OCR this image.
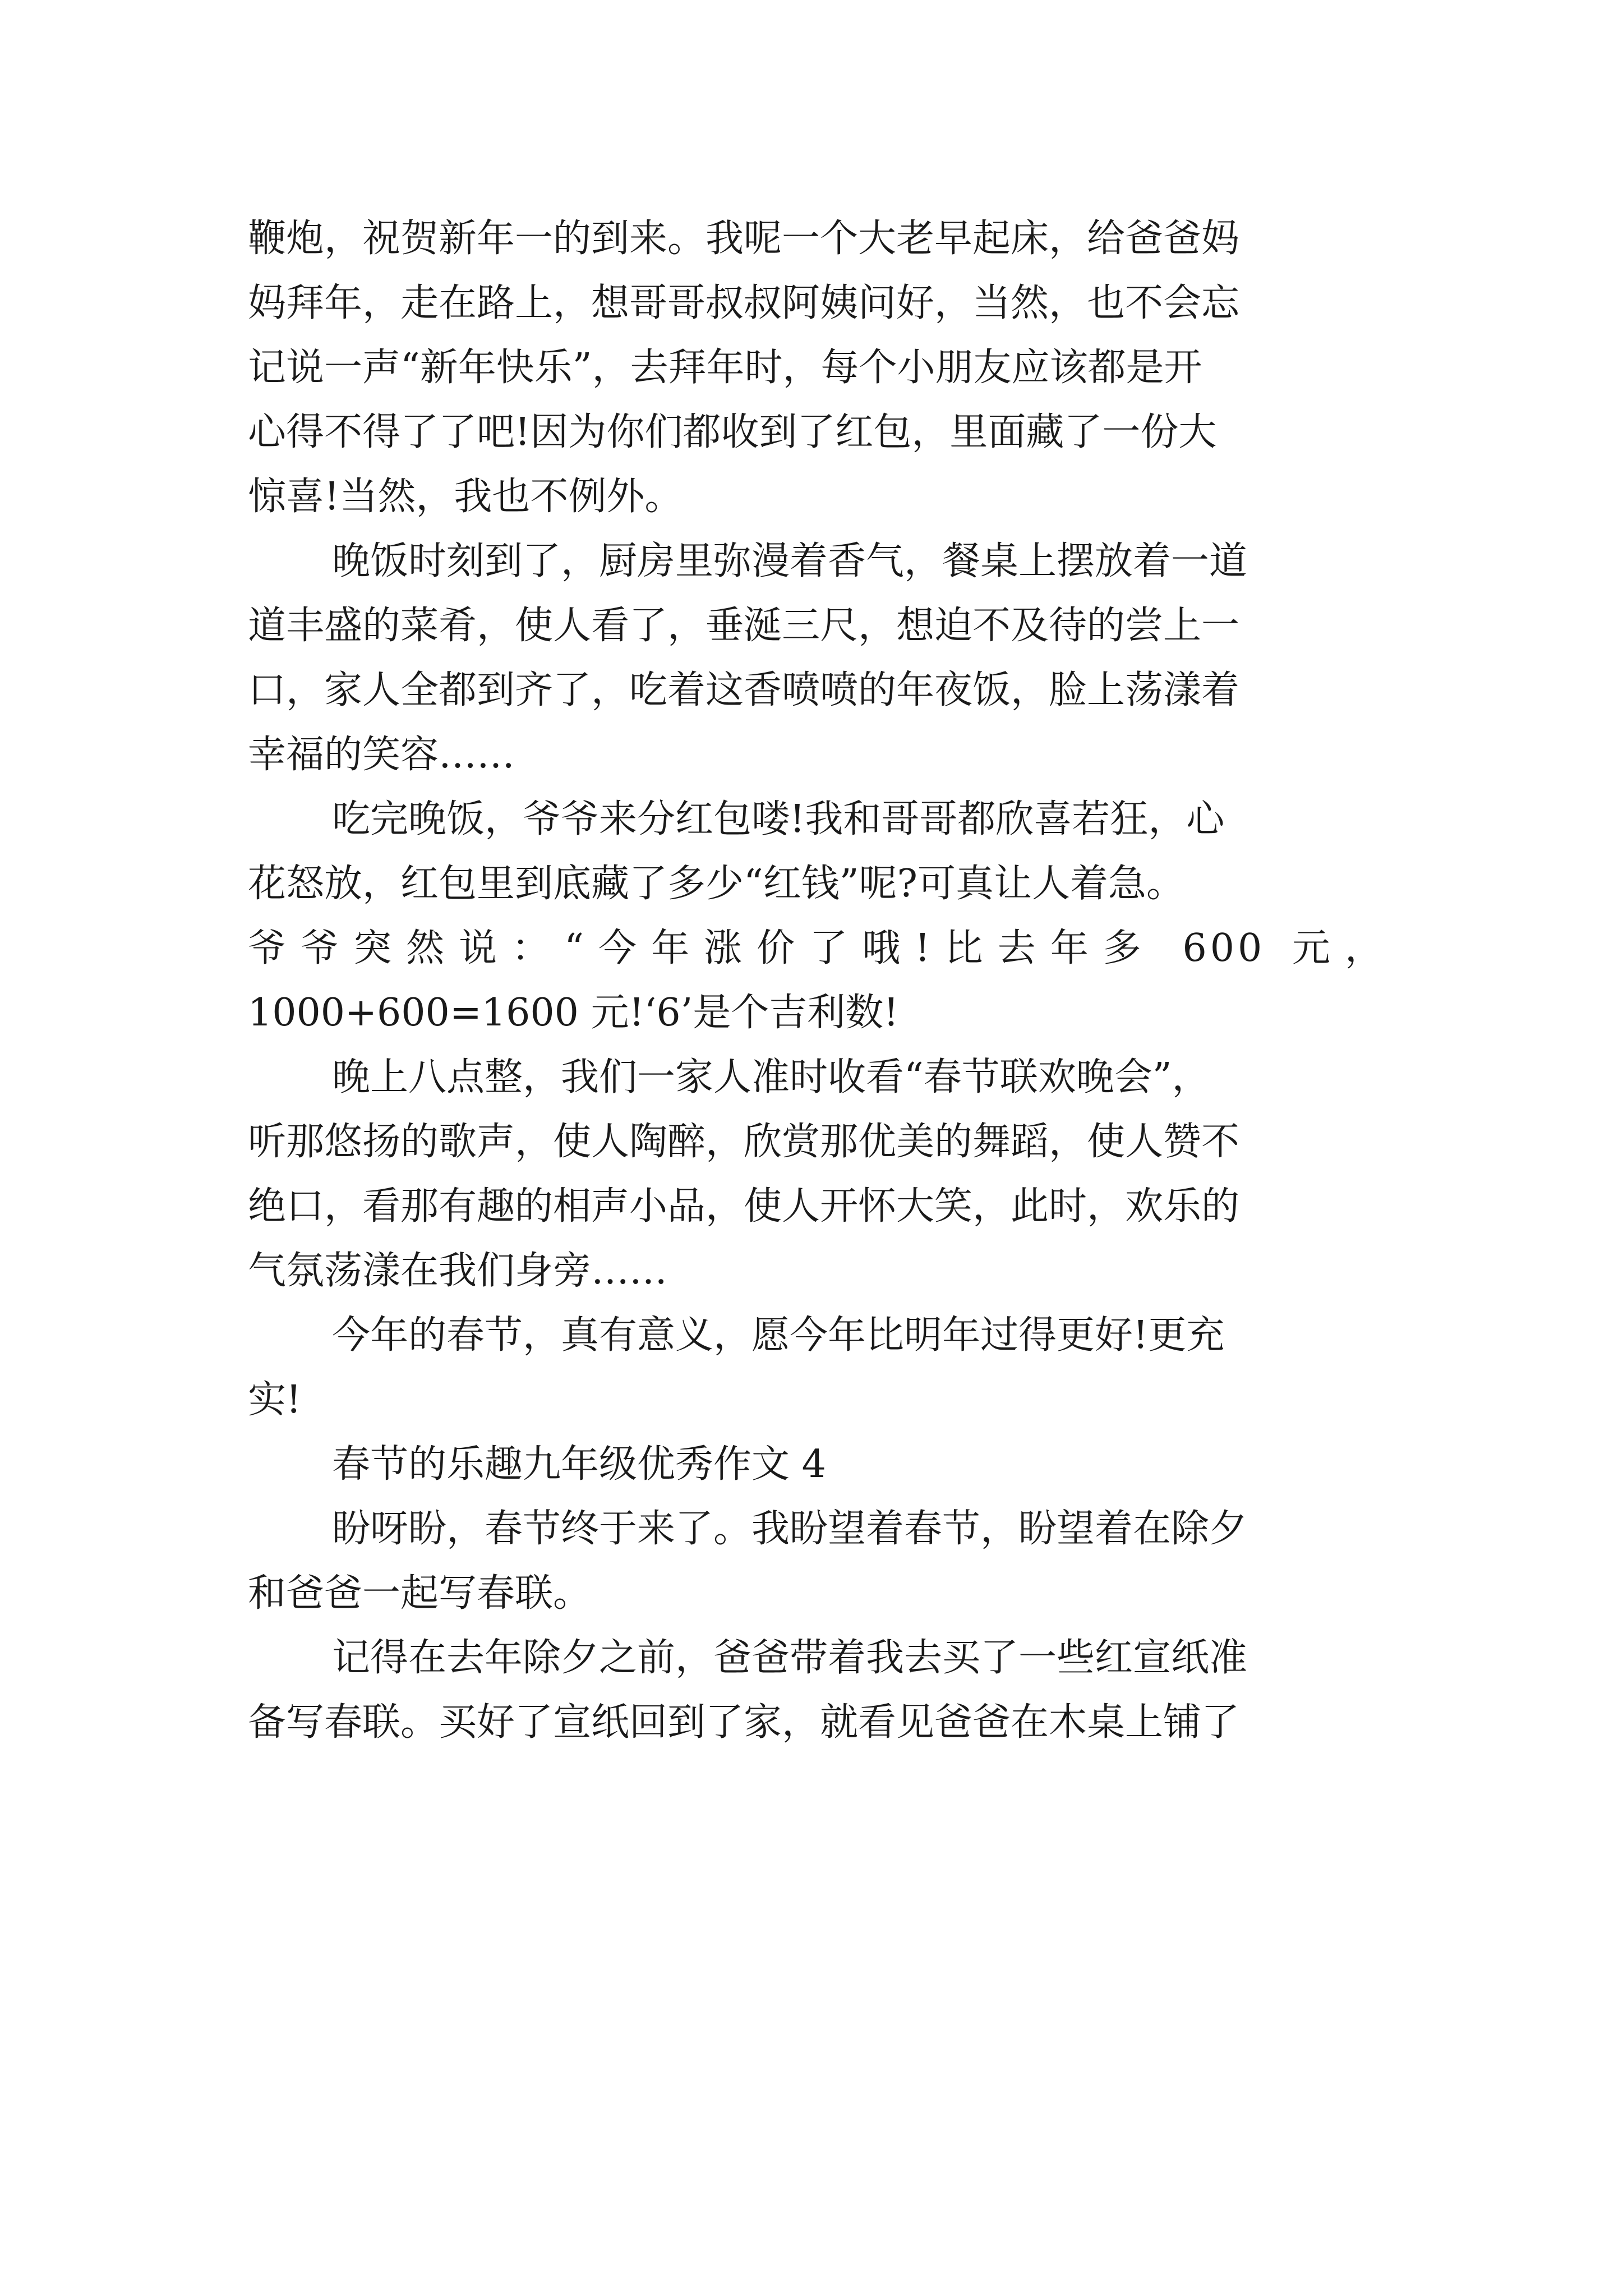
鞭炮，祝贺新年一的到来。我呢一个大老早起床，给爸爸妈
妈拜年，走在路上，想哥哥叔叔阿姨问好，当然，也不会忘
记说一声“新年快乐”，去拜年时，每个小朋友应该都是开
心得不得了了吧!因为你们都收到了红包，里面藏了一份大
惊喜!当然，我也不例外。

晚饭时刻到了，厨房里弥漫着香气，餐桌上摆放着一道
道丰盛的菜肴，使人看了，垂涎三尺，想迫不及待的尝上一
口，家人全都到齐了，吃着这香喷喷的年夜饭，脸上荡漾着
幸福的笑容……

吃完晚饭，爷爷来分红包喽!我和哥哥都欣喜若狂，心
花怒放，红包里到底藏了多少“红钱”呢?可真让人着急。
爷爷突然说：“今年涨价了哦!比去年多 600 元，
1000+600=1600 元!‘6’是个吉利数!

晚上八点整，我们一家人准时收看“春节联欢晚会”，
听那悠扬的歌声，使人陶醉，欣赏那优美的舞蹈，使人赞不
绝口，看那有趣的相声小品，使人开怀大笑，此时，欢乐的
气氛荡漾在我们身旁……

今年的春节，真有意义，愿今年比明年过得更好!更充
实!

春节的乐趣九年级优秀作文 4

盼呀盼，春节终于来了。我盼望着春节，盼望着在除夕
和爸爸一起写春联。

记得在去年除夕之前，爸爸带着我去买了一些红宣纸准
备写春联。买好了宣纸回到了家，就看见爸爸在木桌上铺了
